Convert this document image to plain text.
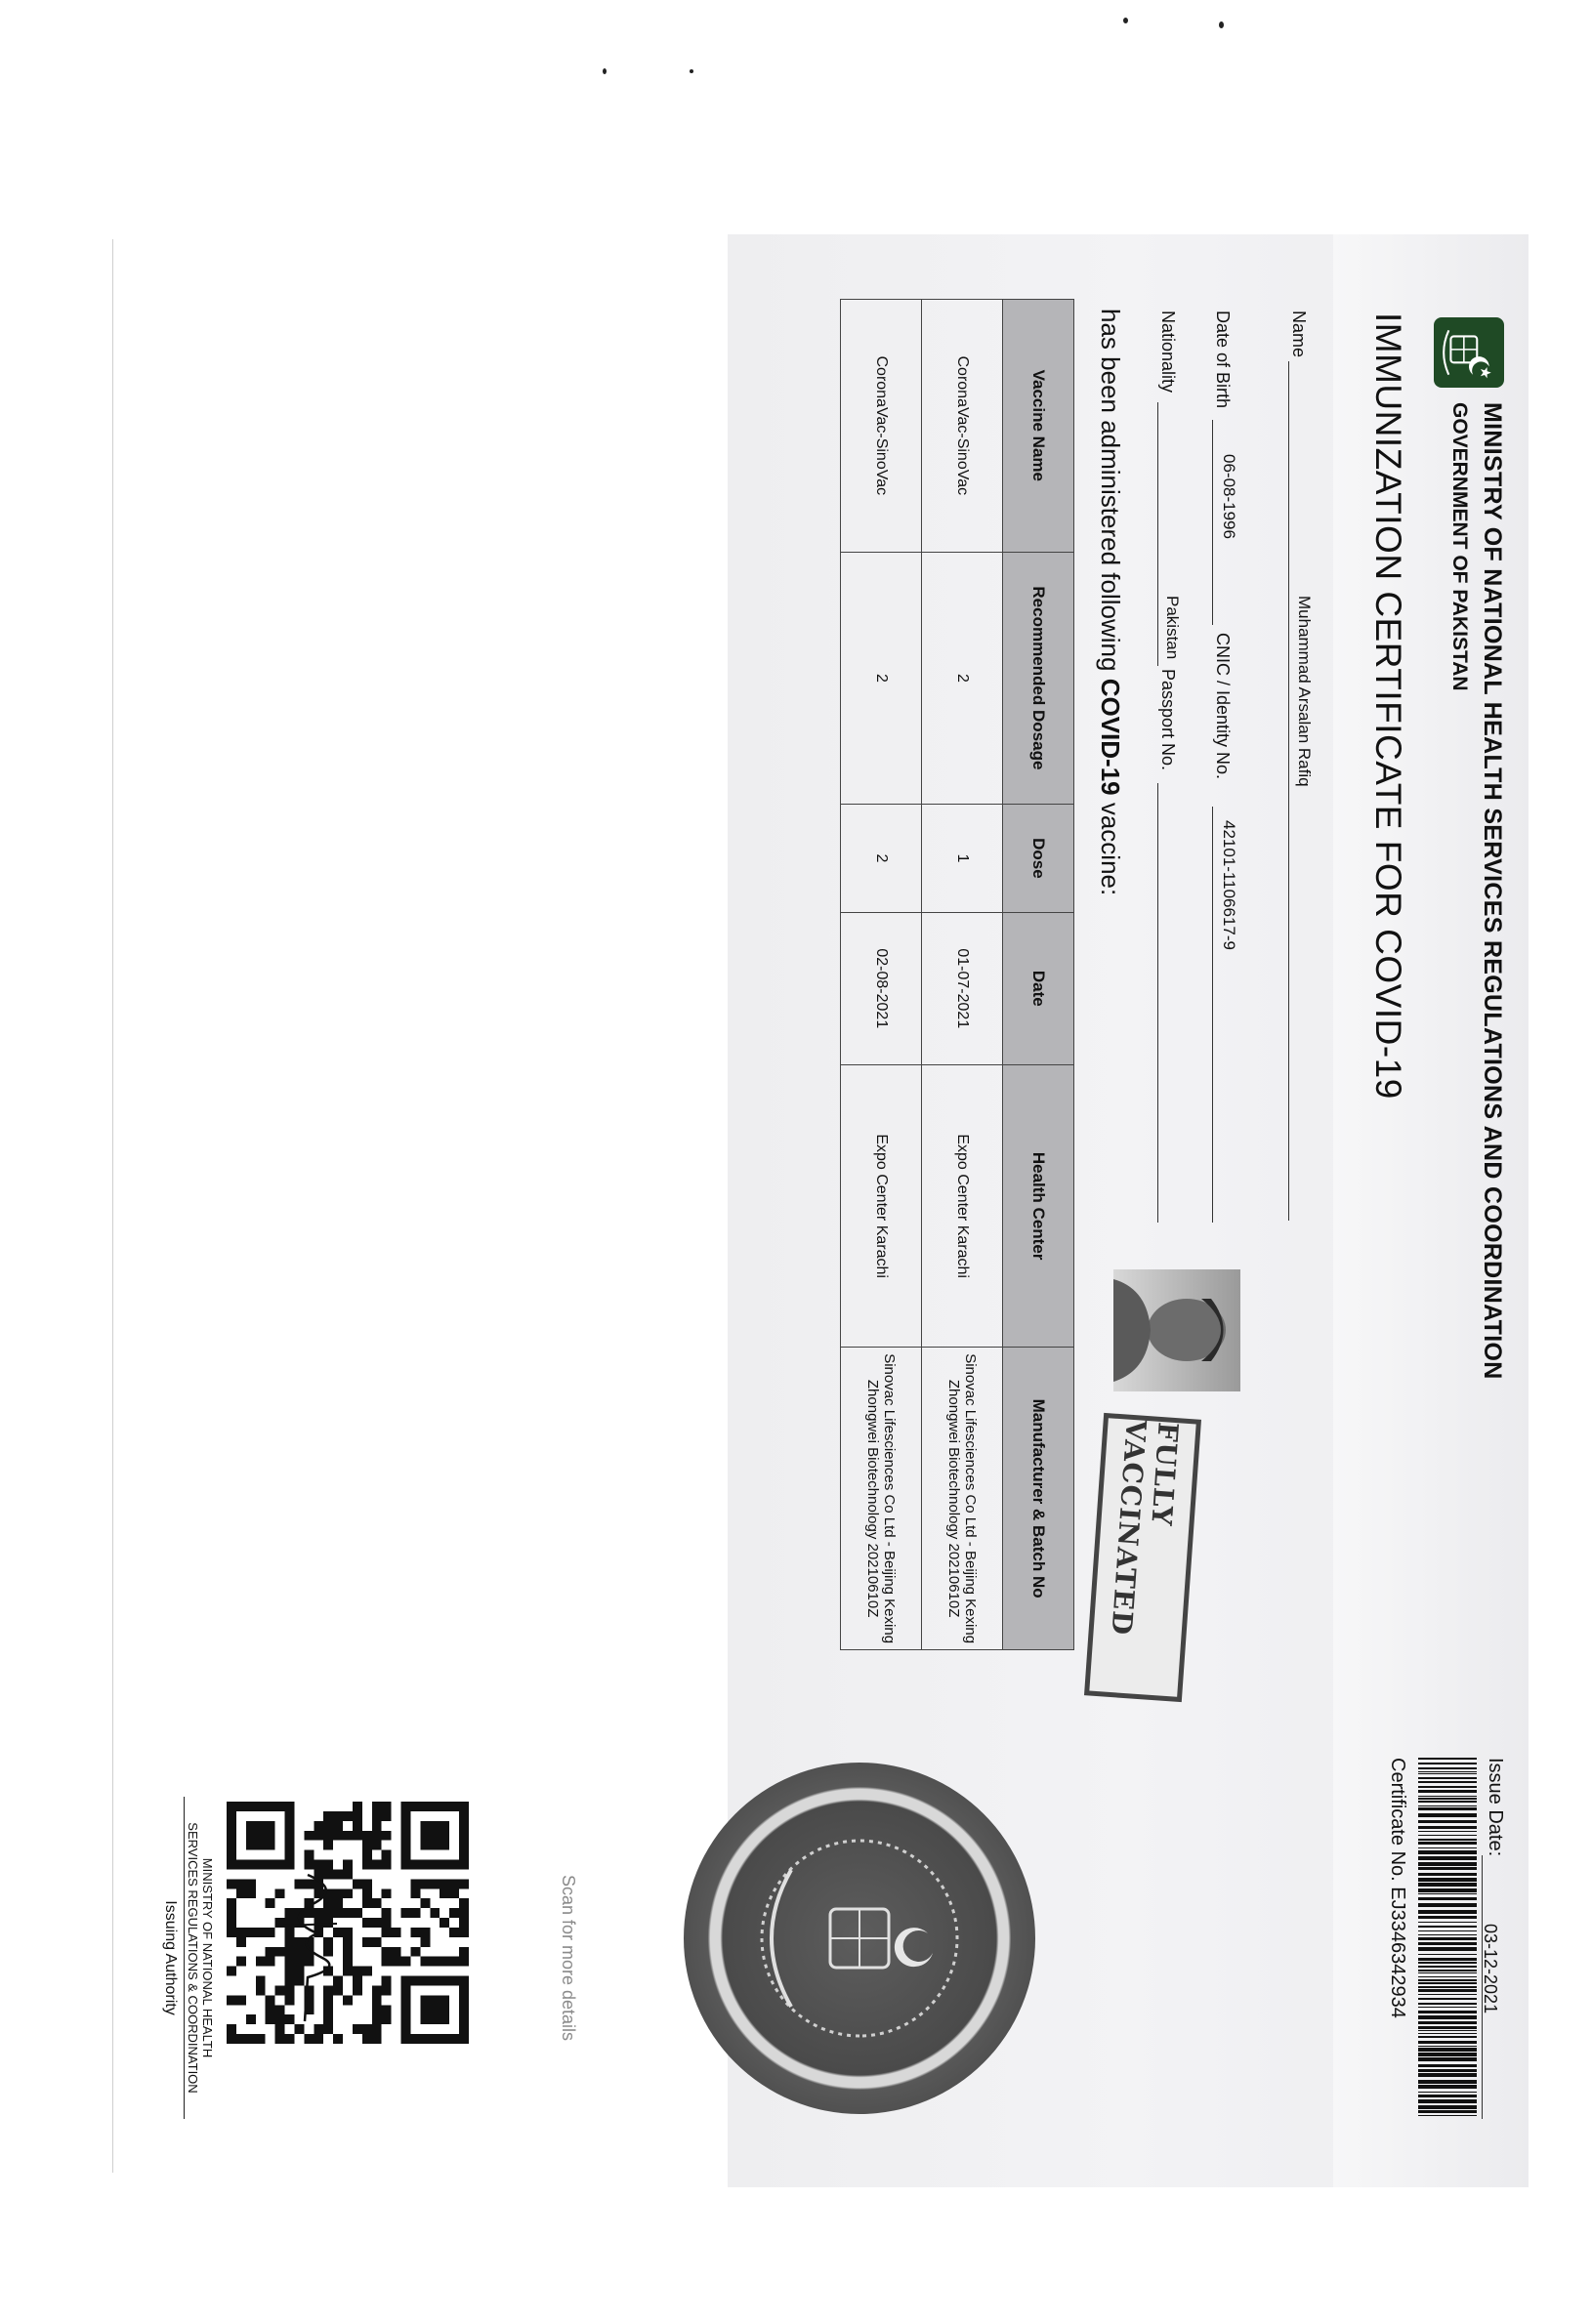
MINISTRY OF NATIONAL HEALTH SERVICES REGULATIONS AND COORDINATION
GOVERNMENT OF PAKISTAN
IMMUNIZATION CERTIFICATE FOR COVID-19
Name
Muhammad Arsalan Rafiq
Date of Birth
06-08-1996
CNIC / Identity No.
42101-1106617-9
Nationality
Pakistan
Passport No.
has been administered following COVID-19 vaccine:
FULLY VACCINATED
Vaccine Name	Recommended Dosage	Dose	Date	Health Center	Manufacturer & Batch No
CoronaVac-SinoVac	2	1	01-07-2021	Expo Center Karachi	Sinovac Lifesciences Co Ltd - Beijing Kexing Zhongwei Biotechnology 20210610Z
CoronaVac-SinoVac	2	2	02-08-2021	Expo Center Karachi	Sinovac Lifesciences Co Ltd - Beijing Kexing Zhongwei Biotechnology 20210610Z
Issue Date:
03-12-2021
Certificate No. EJ3346342934
Scan for more details
MINISTRY OF NATIONAL HEALTH
SERVICES REGULATIONS & COORDINATION
Issuing Authority
